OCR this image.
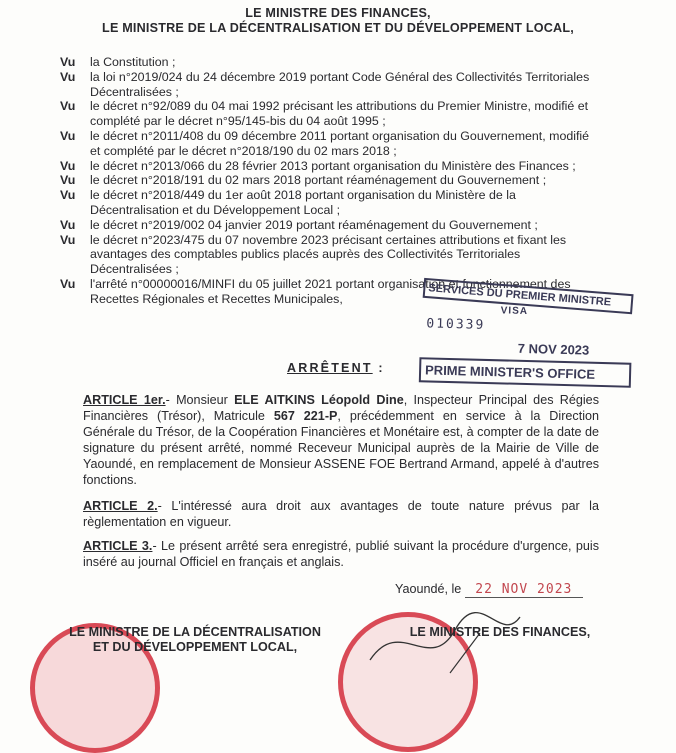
LE MINISTRE DES FINANCES,
LE MINISTRE DE LA DÉCENTRALISATION ET DU DÉVELOPPEMENT LOCAL,
Vu	la Constitution ;
Vu	la loi n°2019/024 du 24 décembre 2019 portant Code Général des Collectivités Territoriales Décentralisées ;
Vu	le décret n°92/089 du 04 mai 1992 précisant les attributions du Premier Ministre, modifié et complété par le décret n°95/145-bis du 04 août 1995 ;
Vu	le décret n°2011/408 du 09 décembre 2011 portant organisation du Gouvernement, modifié et complété par le décret n°2018/190 du 02 mars 2018 ;
Vu	le décret n°2013/066 du 28 février 2013 portant organisation du Ministère des Finances ;
Vu	le décret n°2018/191 du 02 mars 2018 portant réaménagement du Gouvernement ;
Vu	le décret n°2018/449 du 1er août 2018 portant organisation du Ministère de la Décentralisation et du Développement Local ;
Vu	le décret n°2019/002 04 janvier 2019 portant réaménagement du Gouvernement ;
Vu	le décret n°2023/475 du 07 novembre 2023 précisant certaines attributions et fixant les avantages des comptables publics placés auprès des Collectivités Territoriales Décentralisées ;
Vu	l'arrêté n°00000016/MINFI du 05 juillet 2021 portant organisation et fonctionnement des Recettes Régionales et Recettes Municipales,	SERVICES DU PREMIER MINISTRE
VISA
010339
7 NOV 2023
PRIME MINISTER'S OFFICE
ARRÊTENT :
ARTICLE 1er.- Monsieur ELE AITKINS Léopold Dine, Inspecteur Principal des Régies Financières (Trésor), Matricule 567 221-P, précédemment en service à la Direction Générale du Trésor, de la Coopération Financières et Monétaire est, à compter de la date de signature du présent arrêté, nommé Receveur Municipal auprès de la Mairie de Ville de Yaoundé, en remplacement de Monsieur ASSENE FOE Bertrand Armand, appelé à d'autres fonctions.
ARTICLE 2.- L'intéressé aura droit aux avantages de toute nature prévus par la règlementation en vigueur.
ARTICLE 3.- Le présent arrêté sera enregistré, publié suivant la procédure d'urgence, puis inséré au journal Officiel en français et anglais.
Yaoundé, le 22 NOV 2023
LE MINISTRE DE LA DÉCENTRALISATION
ET DU DÉVELOPPEMENT LOCAL,
LE MINISTRE DES FINANCES,
